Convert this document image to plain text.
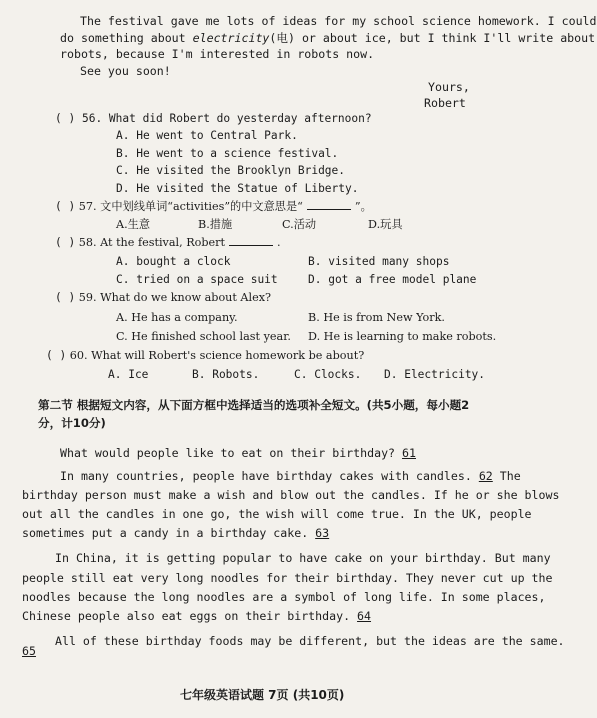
The festival gave me lots of ideas for my school science homework. I could
do something about electricity(电) or about ice, but I think I'll write about
robots, because I'm interested in robots now.
See you soon!
Yours,
Robert
( ) 56. What did Robert do yesterday afternoon?
A. He went to Central Park.
B. He went to a science festival.
C. He visited the Brooklyn Bridge.
D. He visited the Statue of Liberty.
( ) 57. 文中划线单词“activities”的中文意思是“	”。
A.生意	B.措施	C.活动	D.玩具
( ) 58. At the festival, Robert	.
A. bought a clock	B. visited many shops
C. tried on a space suit	D. got a free model plane
( ) 59. What do we know about Alex?
A. He has a company.	B. He is from New York.
C. He finished school last year. D. He is learning to make robots.
( ) 60. What will Robert's science homework be about?
A. Ice	B. Robots.	C. Clocks. D. Electricity.
第二节 根据短文内容，从下面方框中选择适当的选项补全短文。(共5小题，每小题2
分，计10分)
What would people like to eat on their birthday? 61
In many countries, people have birthday cakes with candles. 62 The
birthday person must make a wish and blow out the candles. If he or she blows
out all the candles in one go, the wish will come true. In the UK, people
sometimes put a candy in a birthday cake. 63
In China, it is getting popular to have cake on your birthday. But many
people still eat very long noodles for their birthday. They never cut up the
noodles because the long noodles are a symbol of long life. In some places,
Chinese people also eat eggs on their birthday. 64
All of these birthday foods may be different, but the ideas are the same.
65
七年级英语试题 7页 (共10页)
